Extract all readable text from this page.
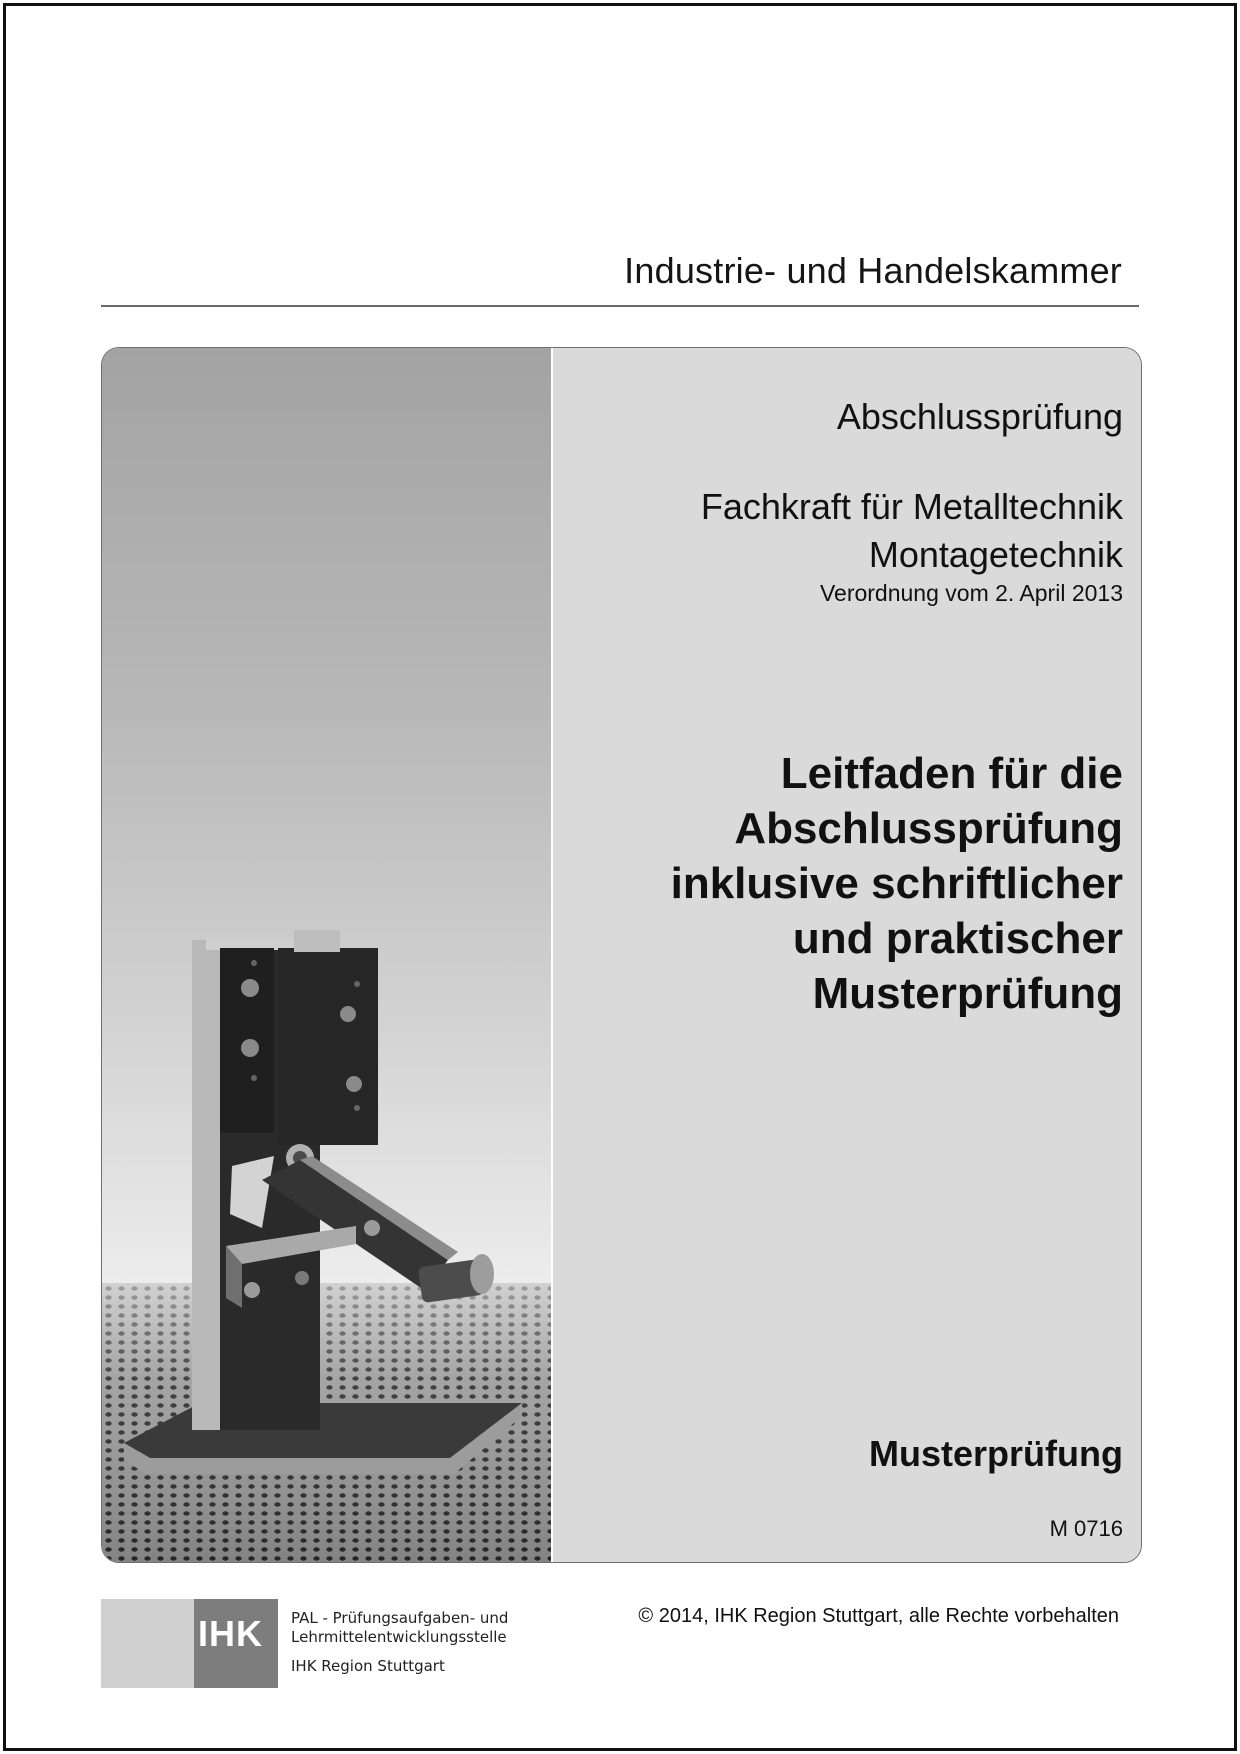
Industrie- und Handelskammer
Abschlussprüfung
Fachkraft für Metalltechnik
Montagetechnik
Verordnung vom 2. April 2013
Leitfaden für die
Abschlussprüfung
inklusive schriftlicher
und praktischer
Musterprüfung
Musterprüfung
M 0716
IHK PAL - Prüfungsaufgaben- und
Lehrmittelentwicklungsstelle
IHK Region Stuttgart
© 2014, IHK Region Stuttgart, alle Rechte vorbehalten
